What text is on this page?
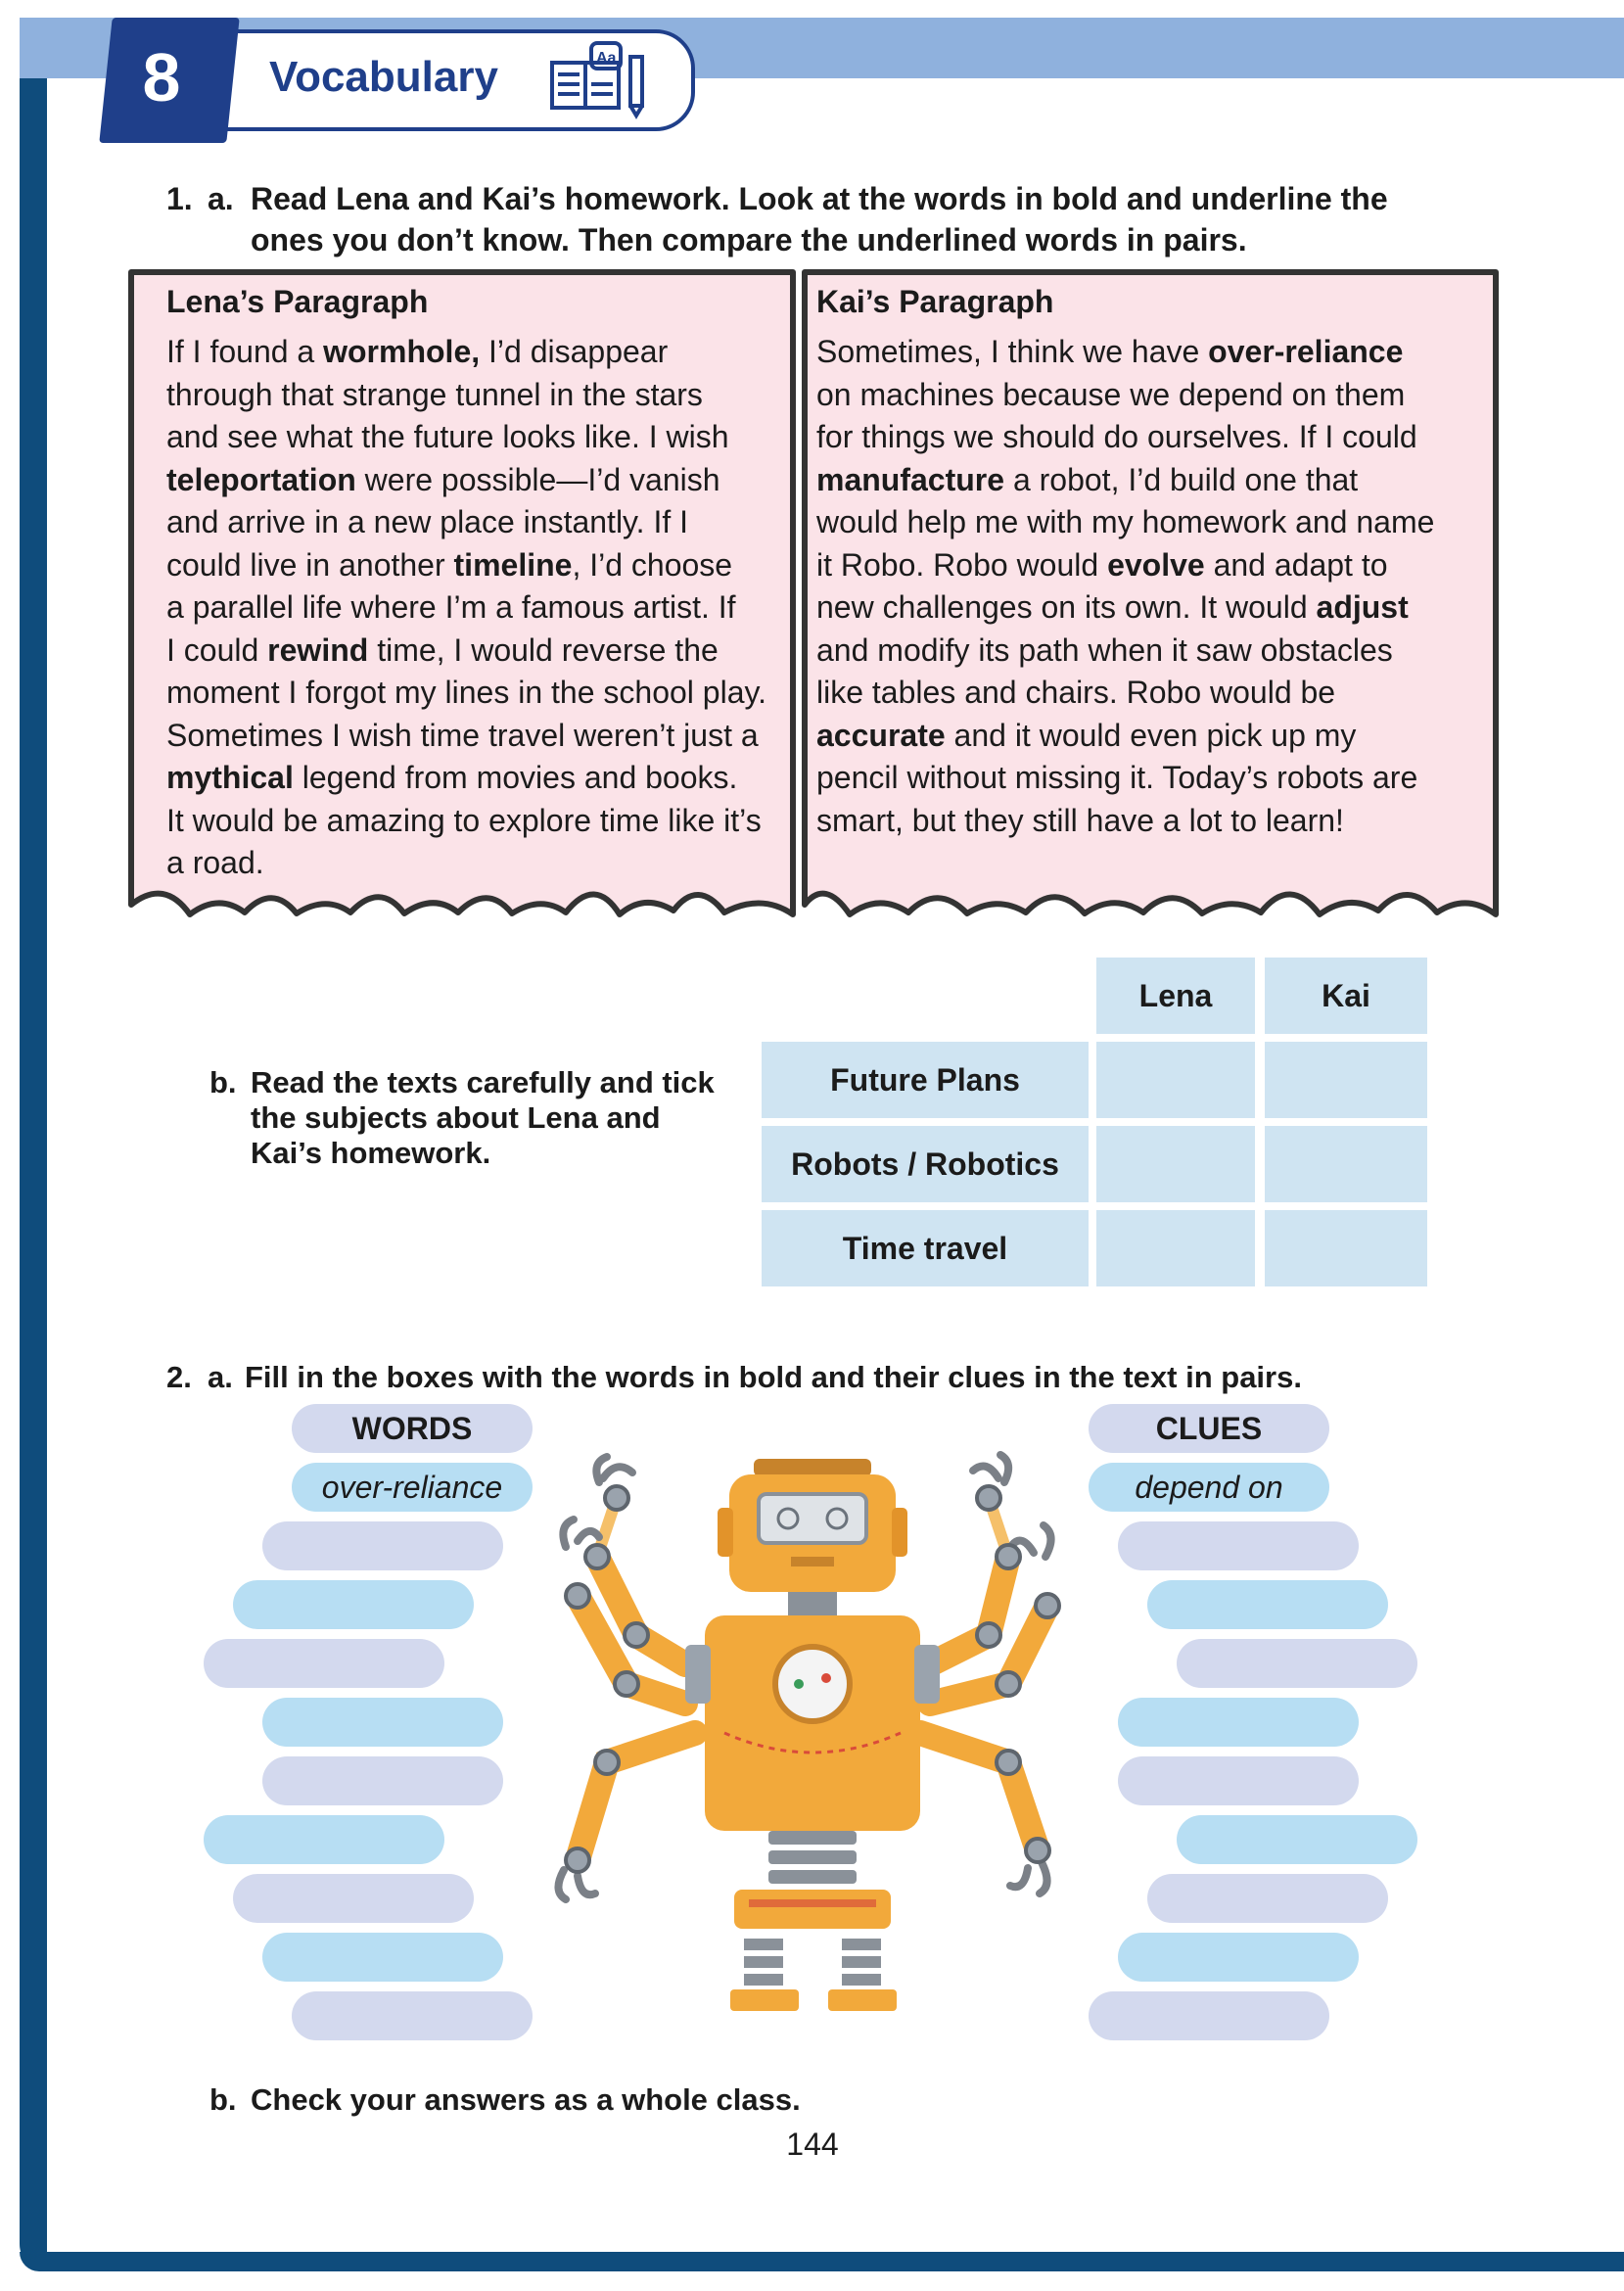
8	Vocabulary	Aa
1. a. Read Lena and Kai’s homework. Look at the words in bold and underline the
ones you don’t know. Then compare the underlined words in pairs.
Lena’s Paragraph
If I found a wormhole, I’d disappear
through that strange tunnel in the stars
and see what the future looks like. I wish
teleportation were possible—I’d vanish
and arrive in a new place instantly. If I
could live in another timeline, I’d choose
a parallel life where I’m a famous artist. If
I could rewind time, I would reverse the
moment I forgot my lines in the school play.
Sometimes I wish time travel weren’t just a
mythical legend from movies and books.
It would be amazing to explore time like it’s
a road.
Kai’s Paragraph
Sometimes, I think we have over-reliance
on machines because we depend on them
for things we should do ourselves. If I could
manufacture a robot, I’d build one that
would help me with my homework and name
it Robo. Robo would evolve and adapt to
new challenges on its own. It would adjust
and modify its path when it saw obstacles
like tables and chairs. Robo would be
accurate and it would even pick up my
pencil without missing it. Today’s robots are
smart, but they still have a lot to learn!
b. Read the texts carefully and tick
the subjects about Lena and
Kai’s homework.
Lena	Kai
Future Plans
Robots / Robotics
Time travel
2. a. Fill in the boxes with the words in bold and their clues in the text in pairs.
WORDS
over-reliance
CLUES
depend on
b. Check your answers as a whole class.
144
